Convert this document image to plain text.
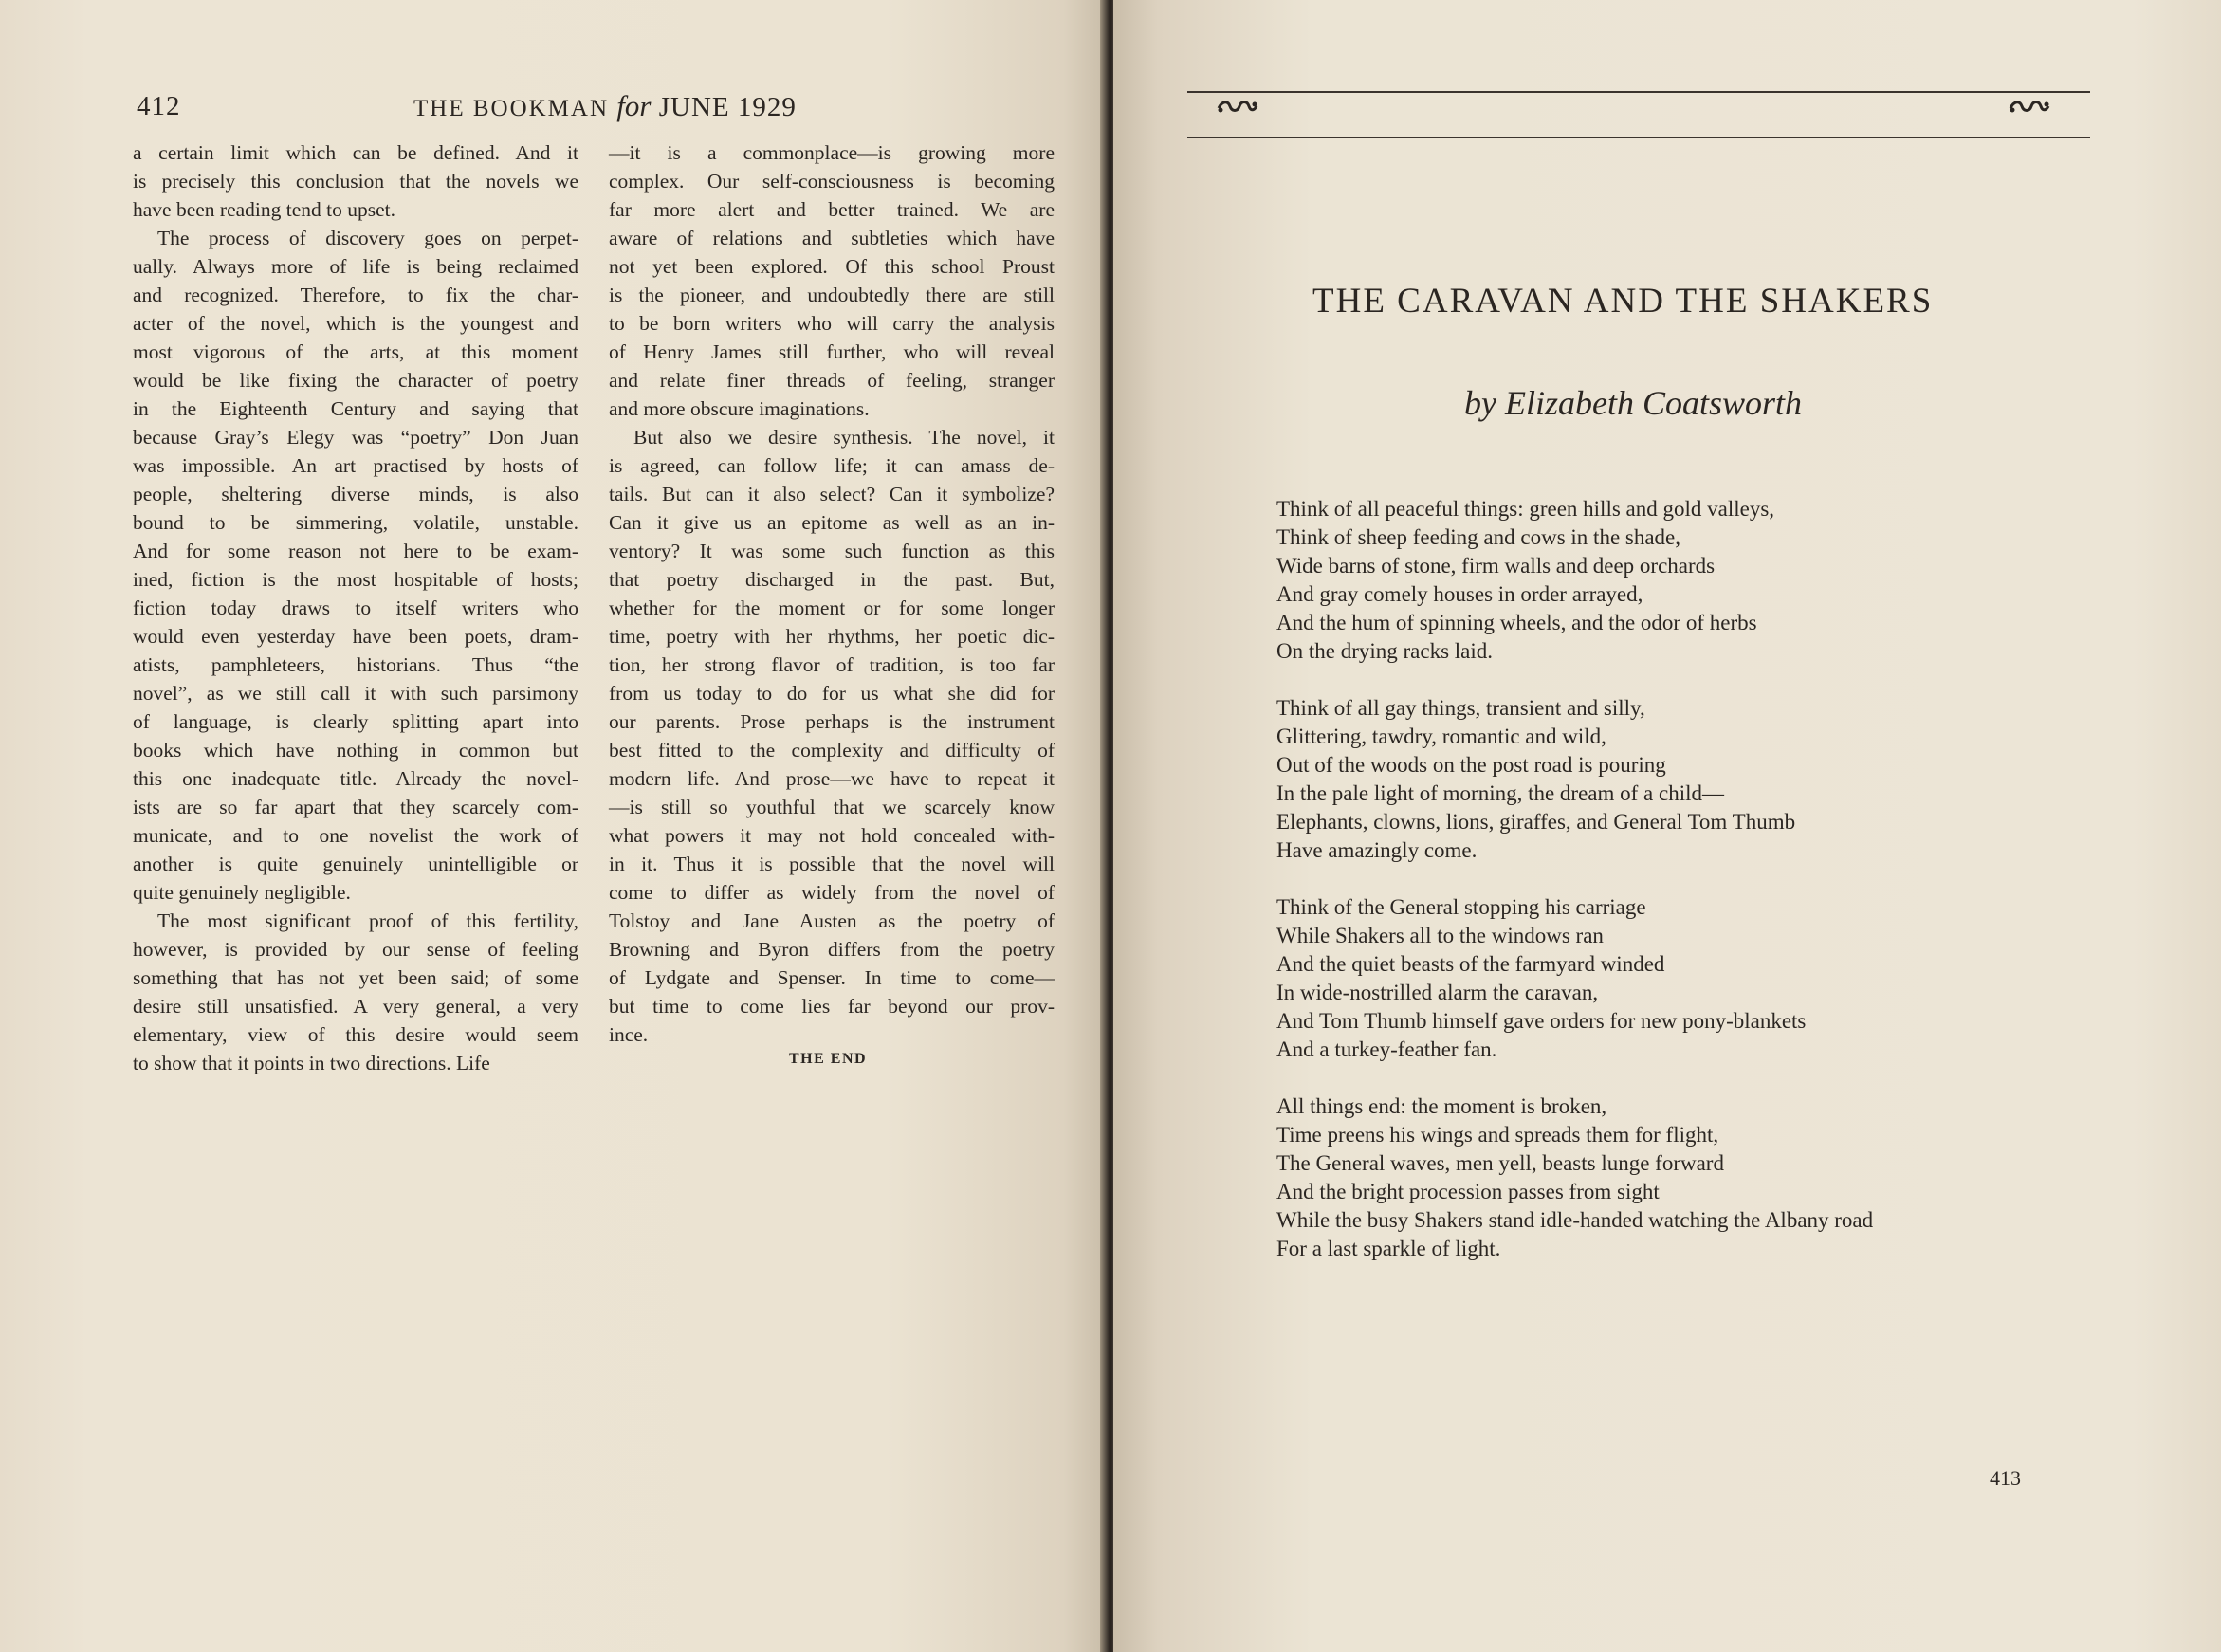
412	THE BOOKMAN for JUNE 1929
a certain limit which can be defined. And it
is precisely this conclusion that the novels we
have been reading tend to upset.
The process of discovery goes on perpet-
ually. Always more of life is being reclaimed
and recognized. Therefore, to fix the char-
acter of the novel, which is the youngest and
most vigorous of the arts, at this moment
would be like fixing the character of poetry
in the Eighteenth Century and saying that
because Gray’s Elegy was “poetry” Don Juan
was impossible. An art practised by hosts of
people, sheltering diverse minds, is also
bound to be simmering, volatile, unstable.
And for some reason not here to be exam-
ined, fiction is the most hospitable of hosts;
fiction today draws to itself writers who
would even yesterday have been poets, dram-
atists, pamphleteers, historians. Thus “the
novel”, as we still call it with such parsimony
of language, is clearly splitting apart into
books which have nothing in common but
this one inadequate title. Already the novel-
ists are so far apart that they scarcely com-
municate, and to one novelist the work of
another is quite genuinely unintelligible or
quite genuinely negligible.
The most significant proof of this fertility,
however, is provided by our sense of feeling
something that has not yet been said; of some
desire still unsatisfied. A very general, a very
elementary, view of this desire would seem
to show that it points in two directions. Life
—it is a commonplace—is growing more
complex. Our self-consciousness is becoming
far more alert and better trained. We are
aware of relations and subtleties which have
not yet been explored. Of this school Proust
is the pioneer, and undoubtedly there are still
to be born writers who will carry the analysis
of Henry James still further, who will reveal
and relate finer threads of feeling, stranger
and more obscure imaginations.
But also we desire synthesis. The novel, it
is agreed, can follow life; it can amass de-
tails. But can it also select? Can it symbolize?
Can it give us an epitome as well as an in-
ventory? It was some such function as this
that poetry discharged in the past. But,
whether for the moment or for some longer
time, poetry with her rhythms, her poetic dic-
tion, her strong flavor of tradition, is too far
from us today to do for us what she did for
our parents. Prose perhaps is the instrument
best fitted to the complexity and difficulty of
modern life. And prose—we have to repeat it
—is still so youthful that we scarcely know
what powers it may not hold concealed with-
in it. Thus it is possible that the novel will
come to differ as widely from the novel of
Tolstoy and Jane Austen as the poetry of
Browning and Byron differs from the poetry
of Lydgate and Spenser. In time to come—
but time to come lies far beyond our prov-
ince.
THE END
THE CARAVAN AND THE SHAKERS
by Elizabeth Coatsworth
Think of all peaceful things: green hills and gold valleys,
Think of sheep feeding and cows in the shade,
Wide barns of stone, firm walls and deep orchards
And gray comely houses in order arrayed,
And the hum of spinning wheels, and the odor of herbs
On the drying racks laid.
Think of all gay things, transient and silly,
Glittering, tawdry, romantic and wild,
Out of the woods on the post road is pouring
In the pale light of morning, the dream of a child—
Elephants, clowns, lions, giraffes, and General Tom Thumb
Have amazingly come.
Think of the General stopping his carriage
While Shakers all to the windows ran
And the quiet beasts of the farmyard winded
In wide-nostrilled alarm the caravan,
And Tom Thumb himself gave orders for new pony-blankets
And a turkey-feather fan.
All things end: the moment is broken,
Time preens his wings and spreads them for flight,
The General waves, men yell, beasts lunge forward
And the bright procession passes from sight
While the busy Shakers stand idle-handed watching the Albany road
For a last sparkle of light.
413
